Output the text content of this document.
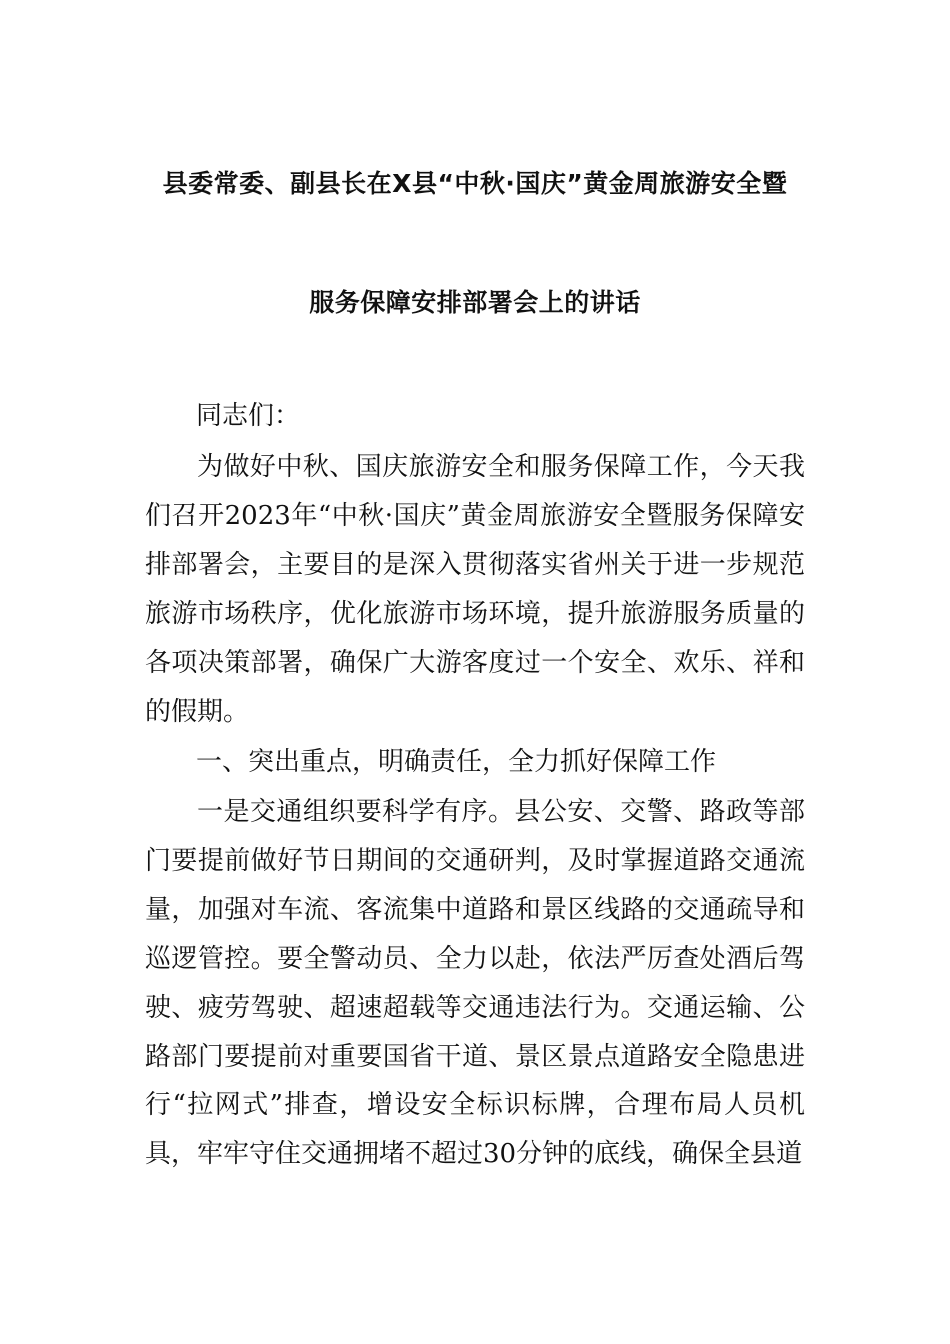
县委常委、副县长在X县“中秋·国庆”黄金周旅游安全暨
服务保障安排部署会上的讲话
同志们：

为做好中秋、国庆旅游安全和服务保障工作，今天我们召开2023年“中秋·国庆”黄金周旅游安全暨服务保障安排部署会，主要目的是深入贯彻落实省州关于进一步规范旅游市场秩序，优化旅游市场环境，提升旅游服务质量的各项决策部署，确保广大游客度过一个安全、欢乐、祥和的假期。

一、突出重点，明确责任，全力抓好保障工作

一是交通组织要科学有序。县公安、交警、路政等部门要提前做好节日期间的交通研判，及时掌握道路交通流量，加强对车流、客流集中道路和景区线路的交通疏导和巡逻管控。要全警动员、全力以赴，依法严厉查处酒后驾驶、疲劳驾驶、超速超载等交通违法行为。交通运输、公路部门要提前对重要国省干道、景区景点道路安全隐患进行“拉网式”排查，增设安全标识标牌，合理布局人员机具，牢牢守住交通拥堵不超过30分钟的底线，确保全县道
